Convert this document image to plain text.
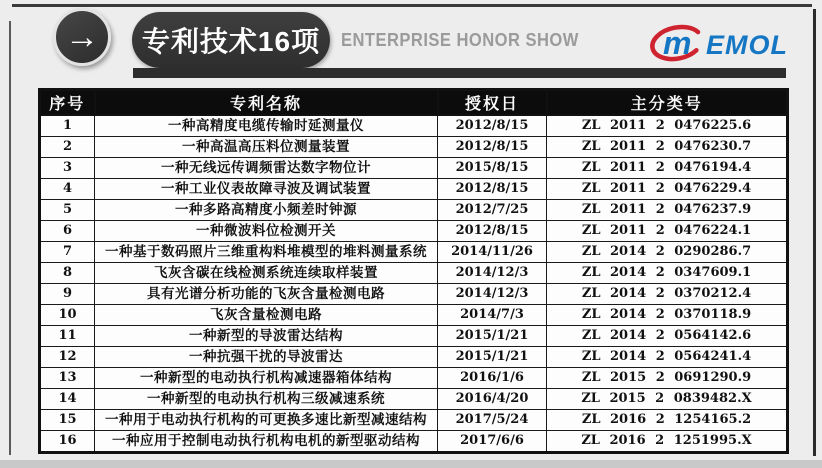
→ 专利技术16项 ENTERPRISE HONOR SHOW	m EMOL
序号	专利名称	授权日	主分类号
1	一种高精度电缆传输时延测量仪	2012/8/15	ZL 2011 2 0476225.6
2	一种高温高压料位测量装置	2012/8/15	ZL 2011 2 0476230.7
3	一种无线远传调频雷达数字物位计	2015/8/15	ZL 2011 2 0476194.4
4	一种工业仪表故障寻波及调试装置	2012/8/15	ZL 2011 2 0476229.4
5	一种多路高精度小频差时钟源	2012/7/25	ZL 2011 2 0476237.9
6	一种微波料位检测开关	2012/8/15	ZL 2011 2 0476224.1
7	一种基于数码照片三维重构料堆模型的堆料测量系统	2014/11/26	ZL 2014 2 0290286.7
8	飞灰含碳在线检测系统连续取样装置	2014/12/3	ZL 2014 2 0347609.1
9	具有光谱分析功能的飞灰含量检测电路	2014/12/3	ZL 2014 2 0370212.4
10	飞灰含量检测电路	2014/7/3	ZL 2014 2 0370118.9
11	一种新型的导波雷达结构	2015/1/21	ZL 2014 2 0564142.6
12	一种抗强干扰的导波雷达	2015/1/21	ZL 2014 2 0564241.4
13	一种新型的电动执行机构减速器箱体结构	2016/1/6	ZL 2015 2 0691290.9
14	一种新型的电动执行机构三级减速系统	2016/4/20	ZL 2015 2 0839482.X
15	一种用于电动执行机构的可更换多速比新型减速结构	2017/5/24	ZL 2016 2 1254165.2
16	一种应用于控制电动执行机构电机的新型驱动结构	2017/6/6	ZL 2016 2 1251995.X
